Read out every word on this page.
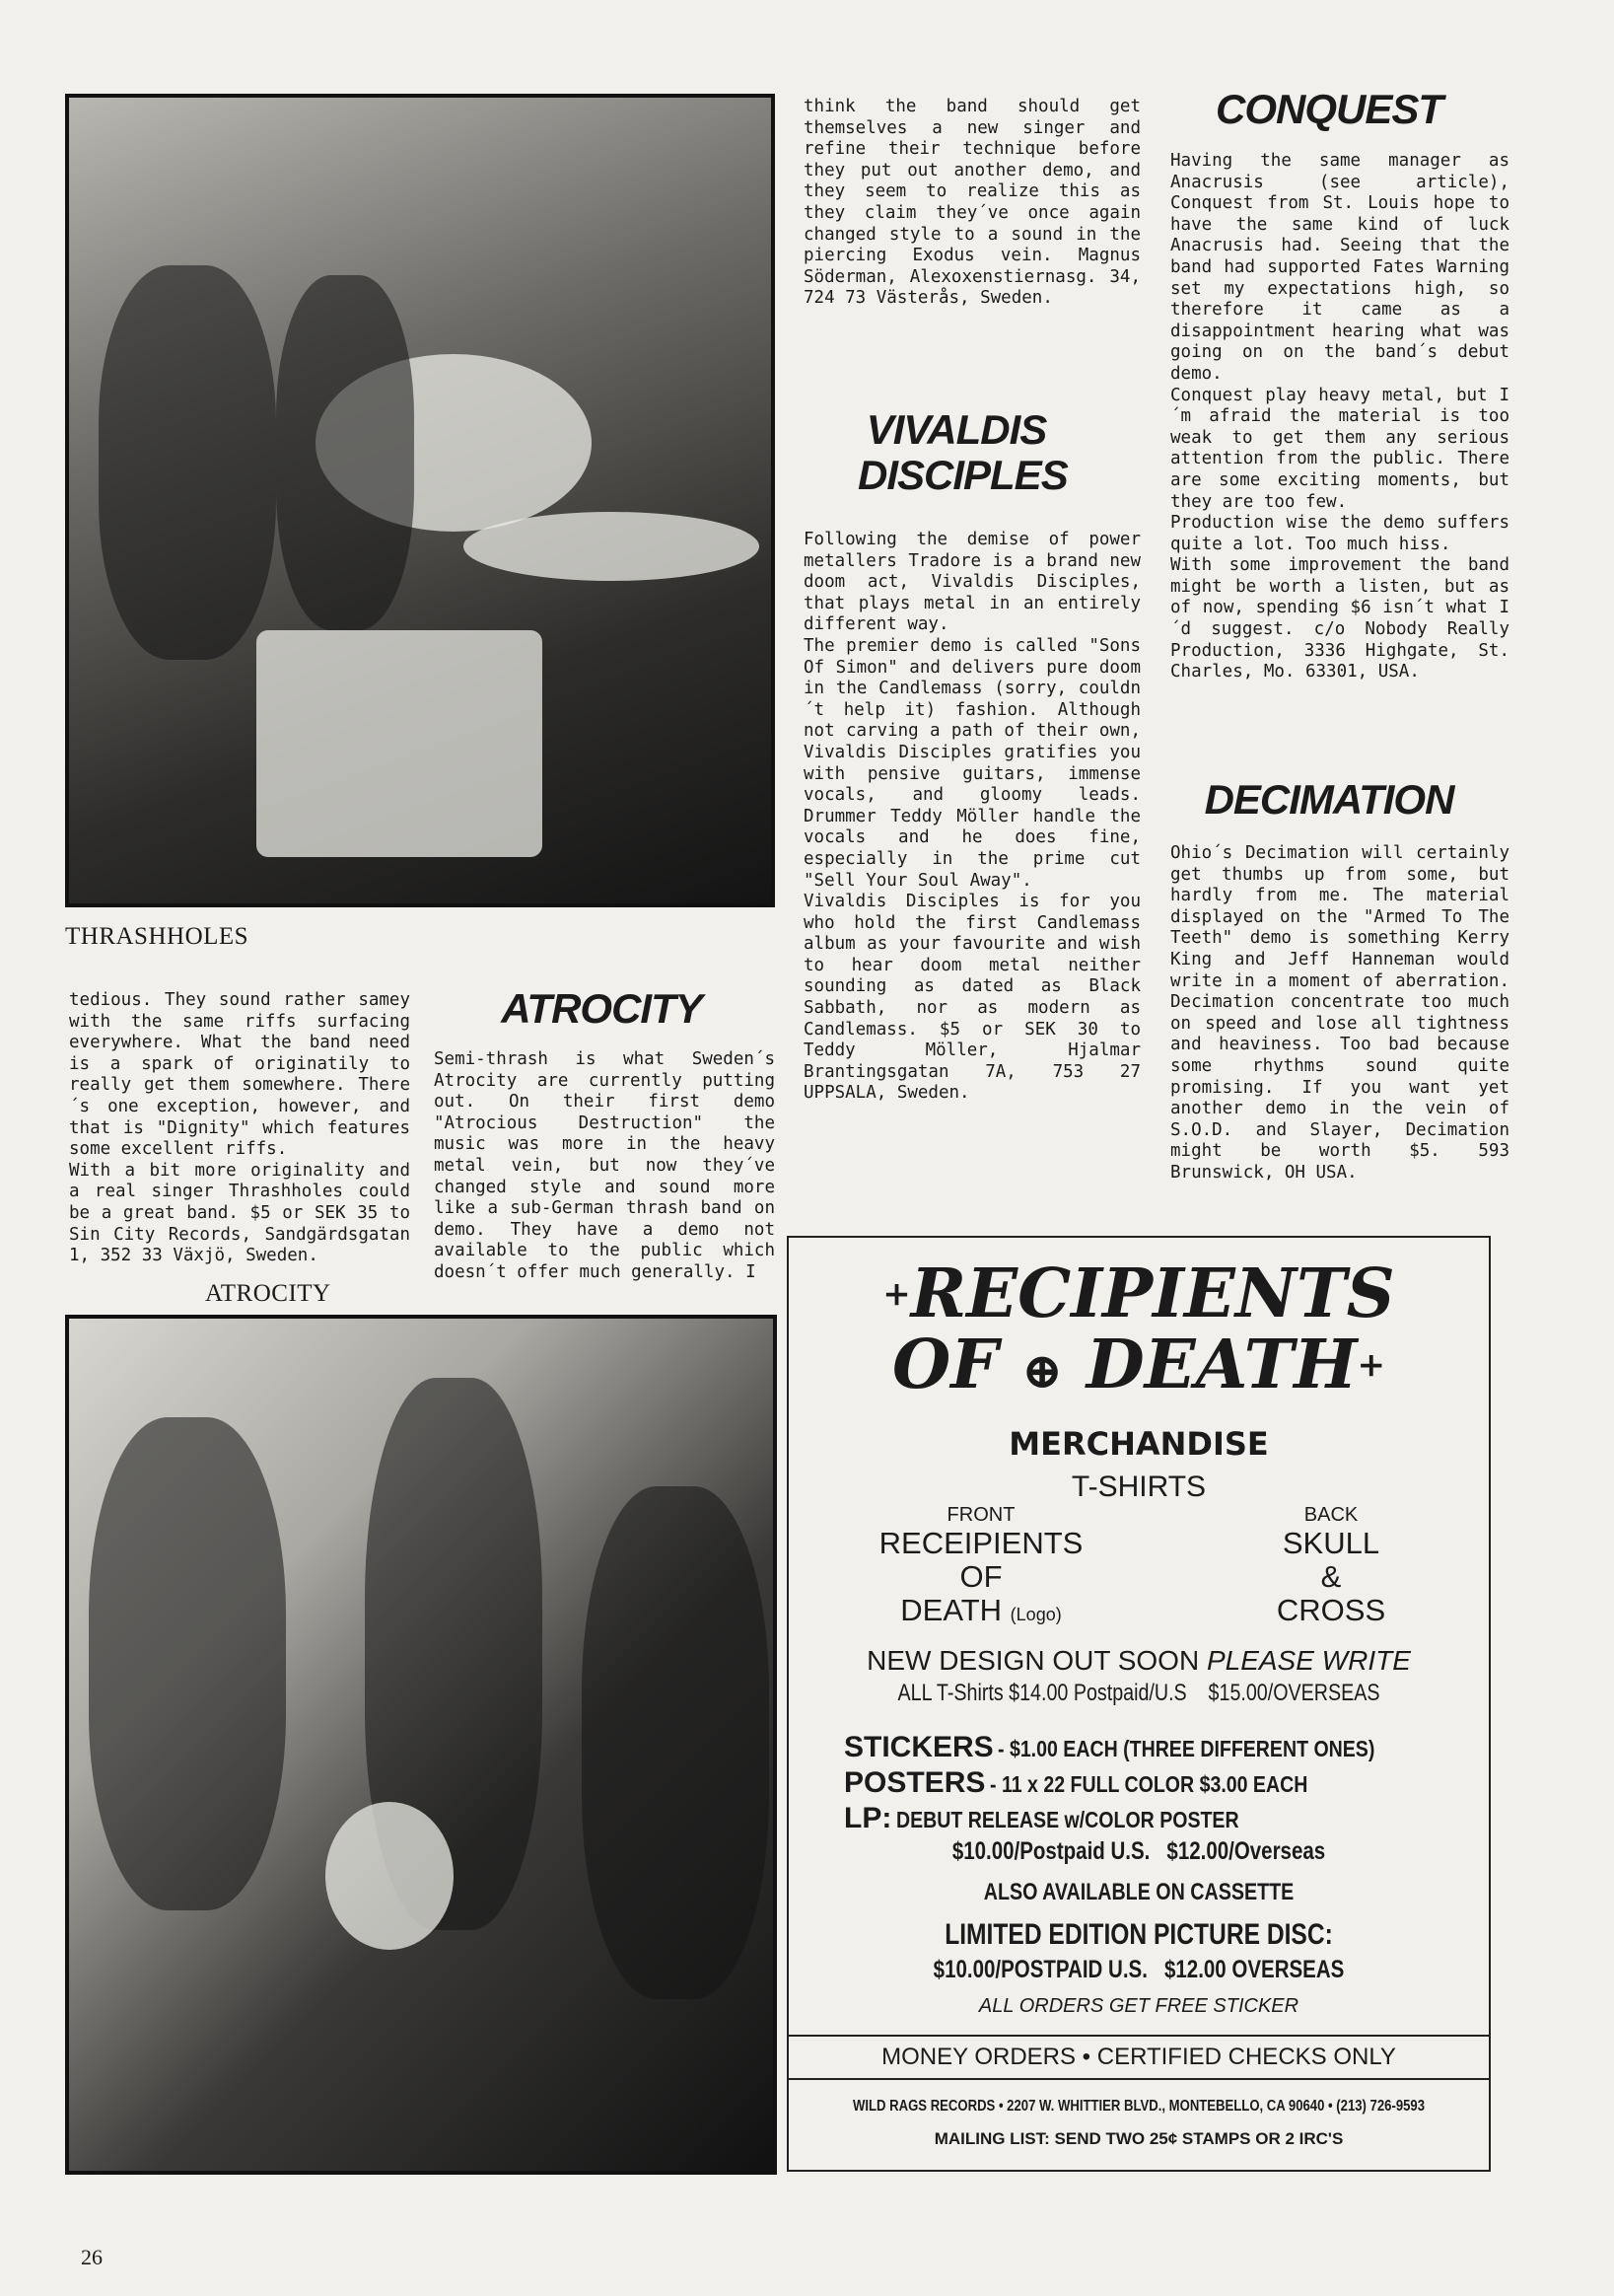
THRASHHOLES
tedious. They sound rather samey with the same riffs surfacing everywhere. What the band need is a spark of originatily to really get them somewhere. There´s one exception, however, and that is "Dignity" which features some excellent riffs.
With a bit more originality and a real singer Thrashholes could be a great band. $5 or SEK 35 to Sin City Records, Sandgärdsgatan 1, 352 33 Växjö, Sweden.
ATROCITY
think the band should get themselves a new singer and refine their technique before they put out another demo, and they seem to realize this as they claim they´ve once again changed style to a sound in the piercing Exodus vein. Magnus Söderman, Alexoxenstiernasg. 34, 724 73 Västerås, Sweden.
VIVALDIS DISCIPLES
Following the demise of power metallers Tradore is a brand new doom act, Vivaldis Disciples, that plays metal in an entirely different way.
The premier demo is called "Sons Of Simon" and delivers pure doom in the Candlemass (sorry, couldn´t help it) fashion. Although not carving a path of their own, Vivaldis Disciples gratifies you with pensive guitars, immense vocals, and gloomy leads. Drummer Teddy Möller handle the vocals and he does fine, especially in the prime cut "Sell Your Soul Away".
Vivaldis Disciples is for you who hold the first Candlemass album as your favourite and wish to hear doom metal neither sounding as dated as Black Sabbath, nor as modern as Candlemass. $5 or SEK 30 to Teddy Möller, Hjalmar Brantingsgatan 7A, 753 27 UPPSALA, Sweden.
ATROCITY
Semi-thrash is what Sweden´s Atrocity are currently putting out. On their first demo "Atrocious Destruction" the music was more in the heavy metal vein, but now they´ve changed style and sound more like a sub-German thrash band on demo. They have a demo not available to the public which doesn´t offer much generally. I
CONQUEST
Having the same manager as Anacrusis (see article), Conquest from St. Louis hope to have the same kind of luck Anacrusis had. Seeing that the band had supported Fates Warning set my expectations high, so therefore it came as a disappointment hearing what was going on on the band´s debut demo.
Conquest play heavy metal, but I´m afraid the material is too weak to get them any serious attention from the public. There are some exciting moments, but they are too few.
Production wise the demo suffers quite a lot. Too much hiss.
With some improvement the band might be worth a listen, but as of now, spending $6 isn´t what I´d suggest. c/o Nobody Really Production, 3336 Highgate, St. Charles, Mo. 63301, USA.
DECIMATION
Ohio´s Decimation will certainly get thumbs up from some, but hardly from me. The material displayed on the "Armed To The Teeth" demo is something Kerry King and Jeff Hanneman would write in a moment of aberration. Decimation concentrate too much on speed and lose all tightness and heaviness. Too bad because some rhythms sound quite promising. If you want yet another demo in the vein of S.O.D. and Slayer, Decimation might be worth $5. 593 Brunswick, OH USA.
+RECIPIENTS
OF ⊕ DEATH+
MERCHANDISE
T-SHIRTS
FRONT
RECEIPIENTS
OF
DEATH (Logo)
BACK
SKULL
&
CROSS
NEW DESIGN OUT SOON PLEASE WRITE
ALL T-Shirts $14.00 Postpaid/U.S    $15.00/OVERSEAS
STICKERS - $1.00 EACH (THREE DIFFERENT ONES)
POSTERS - 11 x 22 FULL COLOR $3.00 EACH
LP: DEBUT RELEASE w/COLOR POSTER
$10.00/Postpaid U.S.   $12.00/Overseas
ALSO AVAILABLE ON CASSETTE
LIMITED EDITION PICTURE DISC:
$10.00/POSTPAID U.S.   $12.00 OVERSEAS
ALL ORDERS GET FREE STICKER
MONEY ORDERS • CERTIFIED CHECKS ONLY
WILD RAGS RECORDS • 2207 W. WHITTIER BLVD., MONTEBELLO, CA 90640 • (213) 726-9593
MAILING LIST: SEND TWO 25¢ STAMPS OR 2 IRC'S
26
